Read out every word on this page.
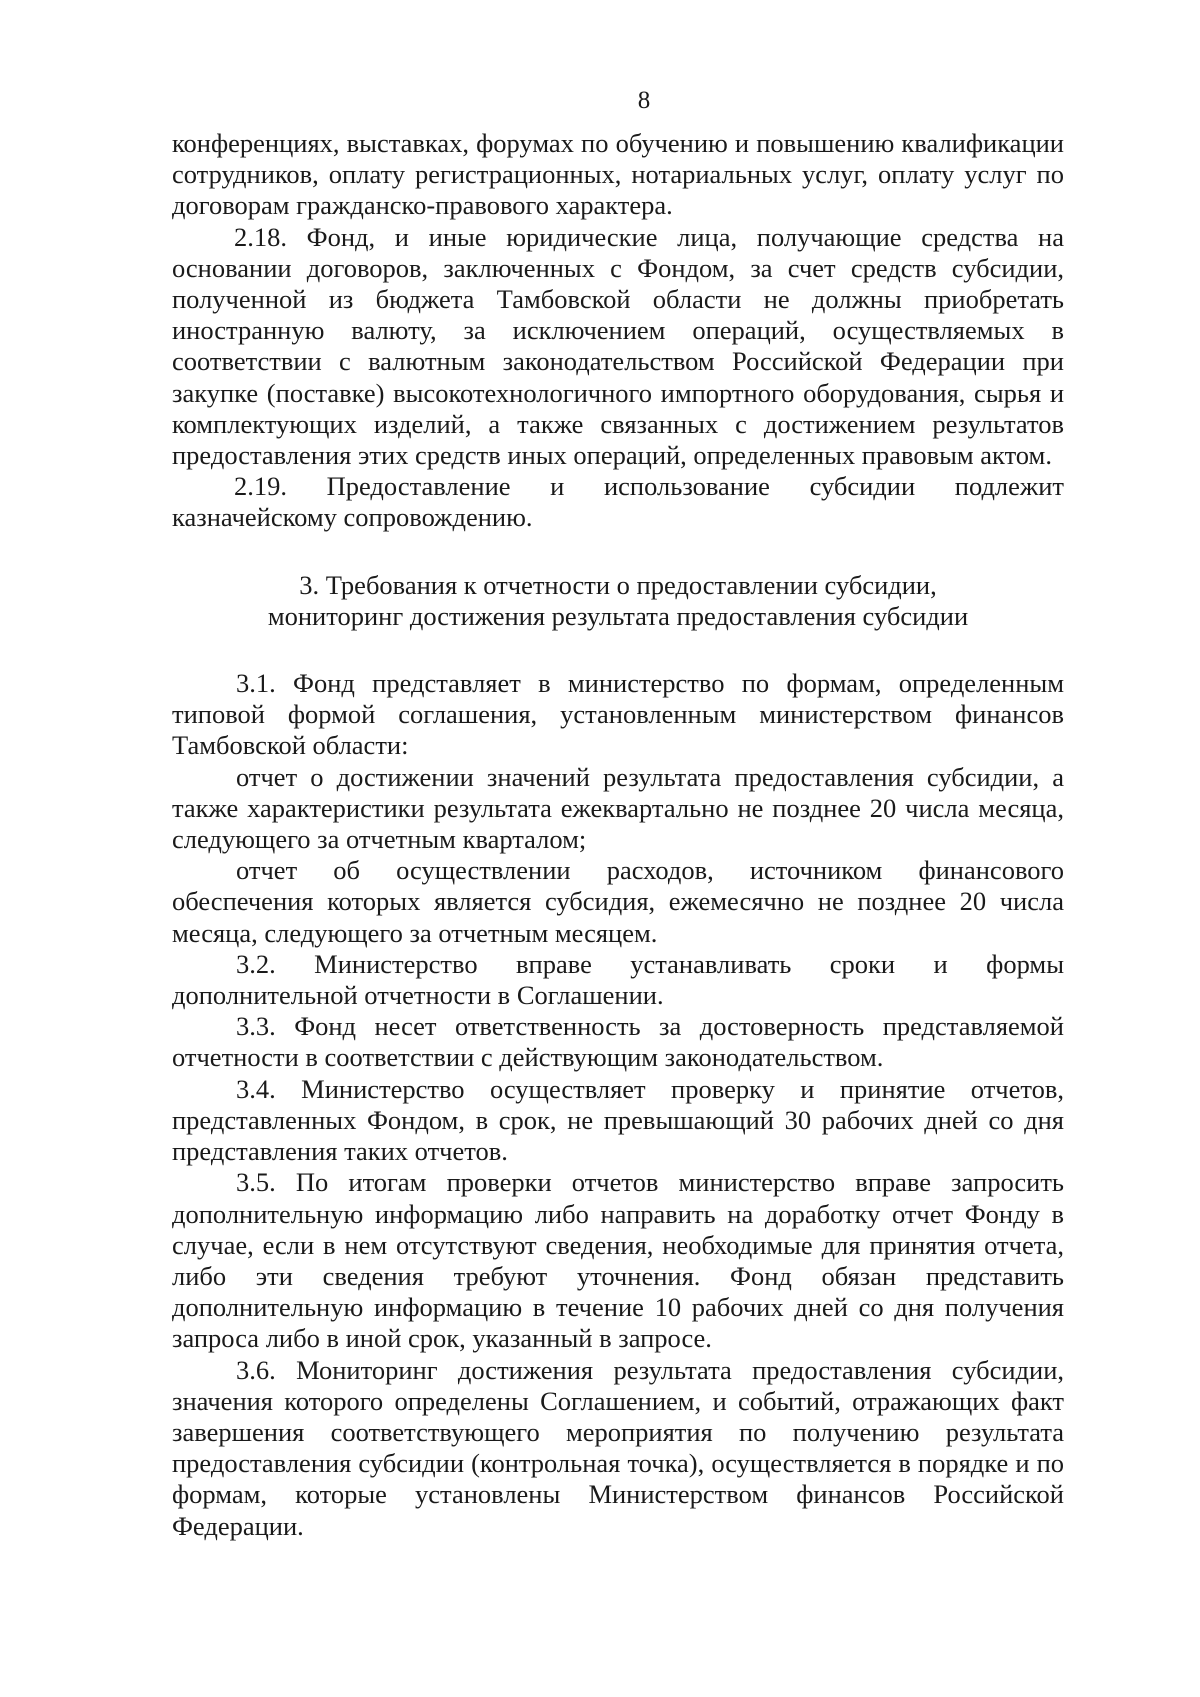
8

конференциях, выставках, форумах по обучению и повышению квалификации сотрудников, оплату регистрационных, нотариальных услуг, оплату услуг по договорам гражданско-правового характера.

2.18. Фонд, и иные юридические лица, получающие средства на основании договоров, заключенных с Фондом, за счет средств субсидии, полученной из бюджета Тамбовской области не должны приобретать иностранную валюту, за исключением операций, осуществляемых в соответствии с валютным законодательством Российской Федерации при закупке (поставке) высокотехнологичного импортного оборудования, сырья и комплектующих изделий, а также связанных с достижением результатов предоставления этих средств иных операций, определенных правовым актом.

2.19. Предоставление и использование субсидии подлежит казначейскому сопровождению.

3. Требования к отчетности о предоставлении субсидии,
мониторинг достижения результата предоставления субсидии

3.1. Фонд представляет в министерство по формам, определенным типовой формой соглашения, установленным министерством финансов Тамбовской области:

отчет о достижении значений результата предоставления субсидии, а также характеристики результата ежеквартально не позднее 20 числа месяца, следующего за отчетным кварталом;

отчет об осуществлении расходов, источником финансового обеспечения которых является субсидия, ежемесячно не позднее 20 числа месяца, следующего за отчетным месяцем.

3.2. Министерство вправе устанавливать сроки и формы дополнительной отчетности в Соглашении.

3.3. Фонд несет ответственность за достоверность представляемой отчетности в соответствии с действующим законодательством.

3.4. Министерство осуществляет проверку и принятие отчетов, представленных Фондом, в срок, не превышающий 30 рабочих дней со дня представления таких отчетов.

3.5. По итогам проверки отчетов министерство вправе запросить дополнительную информацию либо направить на доработку отчет Фонду в случае, если в нем отсутствуют сведения, необходимые для принятия отчета, либо эти сведения требуют уточнения. Фонд обязан представить дополнительную информацию в течение 10 рабочих дней со дня получения запроса либо в иной срок, указанный в запросе.

3.6. Мониторинг достижения результата предоставления субсидии, значения которого определены Соглашением, и событий, отражающих факт завершения соответствующего мероприятия по получению результата предоставления субсидии (контрольная точка), осуществляется в порядке и по формам, которые установлены Министерством финансов Российской Федерации.
